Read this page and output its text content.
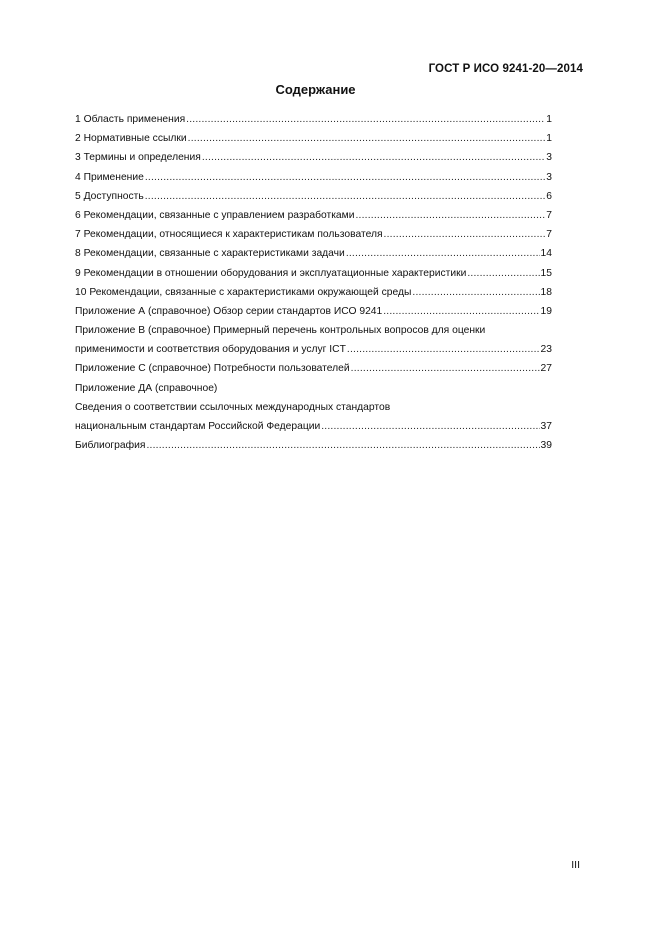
ГОСТ Р ИСО 9241-20—2014
Содержание
1 Область применения .....	1
2 Нормативные ссылки .....	1
3 Термины и определения .....	3
4 Применение .....	3
5 Доступность .....	6
6 Рекомендации, связанные с управлением разработками .....	7
7 Рекомендации, относящиеся к характеристикам пользователя .....	7
8 Рекомендации, связанные с характеристиками задачи .....	14
9 Рекомендации в отношении оборудования и эксплуатационные характеристики .....	15
10 Рекомендации, связанные с характеристиками окружающей среды .....	18
Приложение А (справочное) Обзор серии стандартов ИСО 9241 .....	19
Приложение В (справочное) Примерный перечень контрольных вопросов для оценки
применимости и соответствия оборудования и услуг ICT .....	23
Приложение С (справочное) Потребности пользователей .....	27
Приложение ДА (справочное)
Сведения о соответствии ссылочных международных стандартов
национальным стандартам Российской Федерации .....	37
Библиография .....	39
III
